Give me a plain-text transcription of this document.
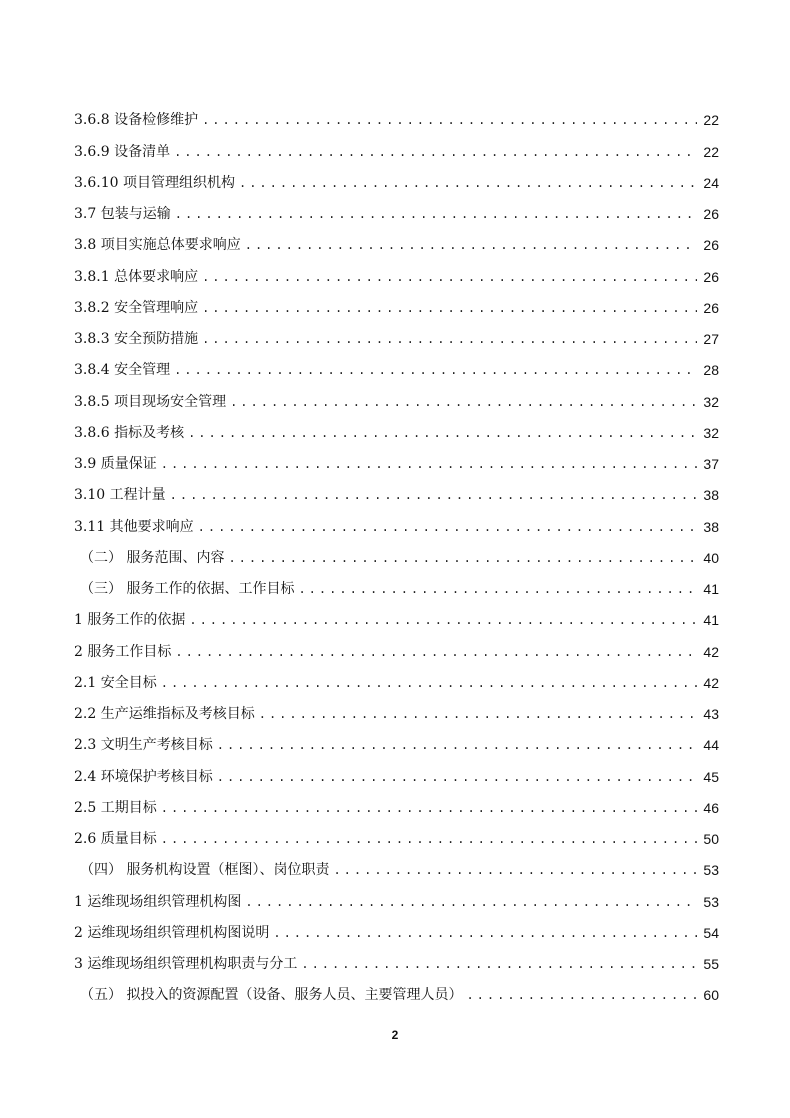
3.6.8 设备检修维护 .....	22
3.6.9 设备清单 .....	22
3.6.10 项目管理组织机构 .....	24
3.7 包装与运输 .....	26
3.8 项目实施总体要求响应 .....	26
3.8.1 总体要求响应 .....	26
3.8.2 安全管理响应 .....	26
3.8.3 安全预防措施 .....	27
3.8.4 安全管理 .....	28
3.8.5 项目现场安全管理 .....	32
3.8.6 指标及考核 .....	32
3.9 质量保证 .....	37
3.10 工程计量 .....	38
3.11 其他要求响应 .....	38
（二） 服务范围、内容 .....	40
（三） 服务工作的依据、工作目标 .....	41
1 服务工作的依据 .....	41
2 服务工作目标 .....	42
2.1 安全目标 .....	42
2.2 生产运维指标及考核目标 .....	43
2.3 文明生产考核目标 .....	44
2.4 环境保护考核目标 .....	45
2.5 工期目标 .....	46
2.6 质量目标 .....	50
（四） 服务机构设置（框图）、岗位职责 .....	53
1 运维现场组织管理机构图 .....	53
2 运维现场组织管理机构图说明 .....	54
3 运维现场组织管理机构职责与分工 .....	55
（五） 拟投入的资源配置（设备、服务人员、主要管理人员） .....	60
2
